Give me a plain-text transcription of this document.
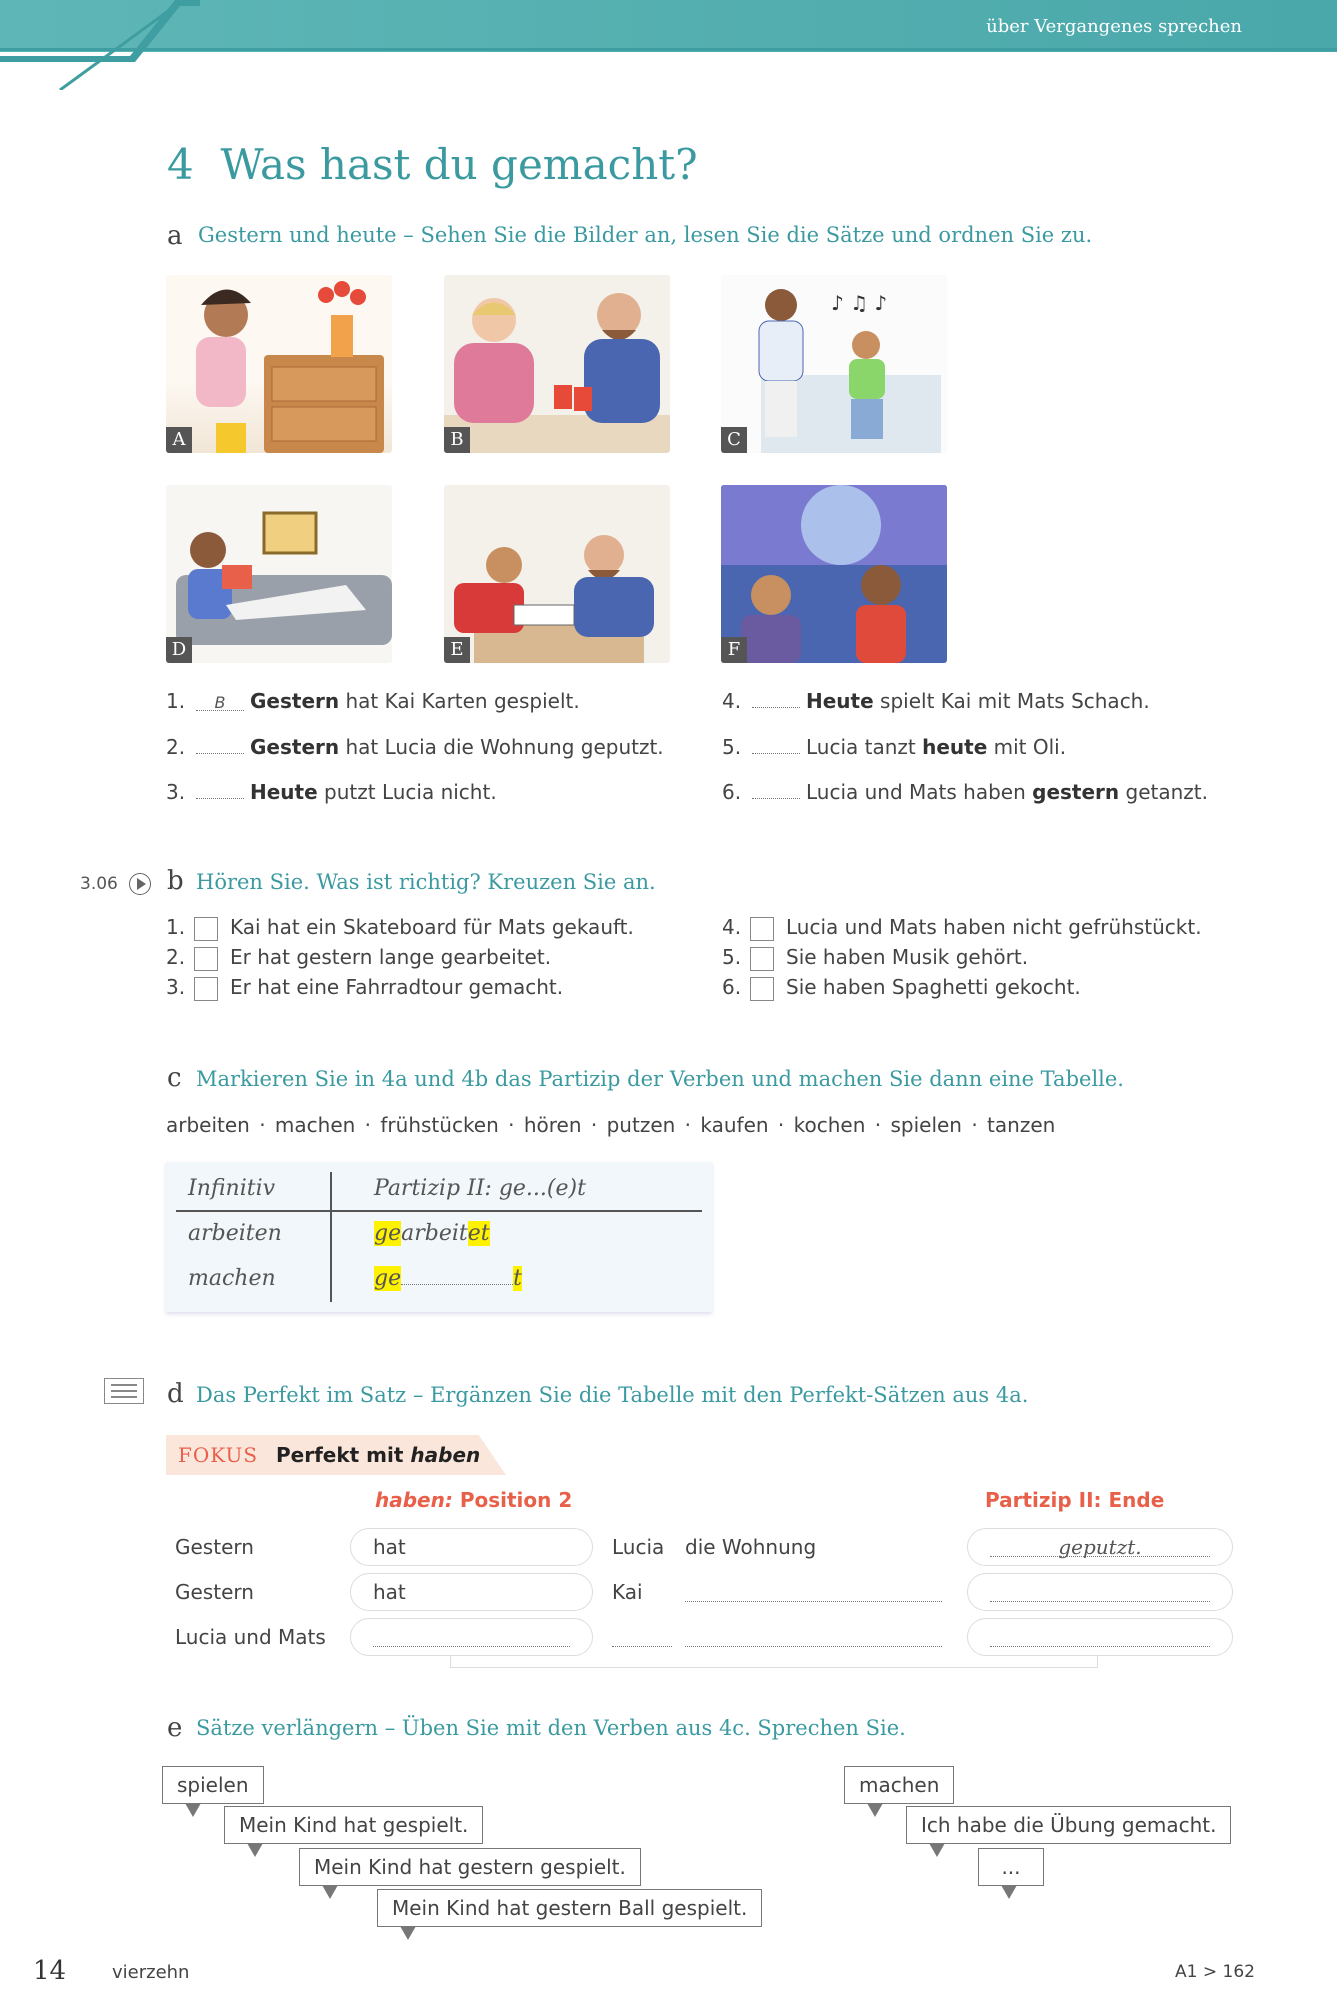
über Vergangenes sprechen
4 Was hast du gemacht?
a Gestern und heute – Sehen Sie die Bilder an, lesen Sie die Sätze und ordnen Sie zu.
A	B
♪ ♫ ♪
C
D	E	F
1. B Gestern hat Kai Karten gespielt.
2.	Gestern hat Lucia die Wohnung geputzt.
3.	Heute putzt Lucia nicht.
4.	Heute spielt Kai mit Mats Schach.
5.	Lucia tanzt heute mit Oli.
6.	Lucia und Mats haben gestern getanzt.
3.06	b Hören Sie. Was ist richtig? Kreuzen Sie an.
1. Kai hat ein Skateboard für Mats gekauft.
2. Er hat gestern lange gearbeitet.
3. Er hat eine Fahrradtour gemacht.
4. Lucia und Mats haben nicht gefrühstückt.
5. Sie haben Musik gehört.
6. Sie haben Spaghetti gekocht.
c Markieren Sie in 4a und 4b das Partizip der Verben und machen Sie dann eine Tabelle.
arbeiten · machen · frühstücken · hören · putzen · kaufen · kochen · spielen · tanzen
Infinitiv	Partizip II: ge...(e)t
arbeiten	gearbeitet
machen	ge	t
d Das Perfekt im Satz – Ergänzen Sie die Tabelle mit den Perfekt-Sätzen aus 4a.
FOKUS Perfekt mit haben
haben: Position 2	Partizip II: Ende
Gestern	hat	Lucia die Wohnung	geputzt.
Gestern	hat	Kai
Lucia und Mats
e Sätze verlängern – Üben Sie mit den Verben aus 4c. Sprechen Sie.
spielen
Mein Kind hat gespielt.
Mein Kind hat gestern gespielt.
Mein Kind hat gestern Ball gespielt.
machen
Ich habe die Übung gemacht.
...
14	vierzehn	A1 > 162
